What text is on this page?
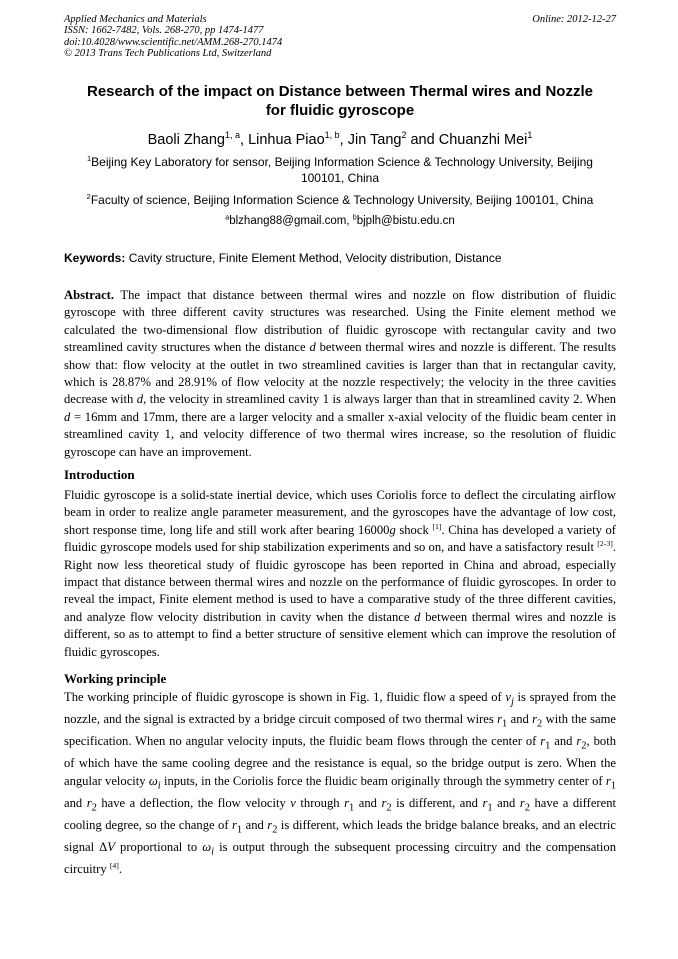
Applied Mechanics and Materials
ISSN: 1662-7482, Vols. 268-270, pp 1474-1477
doi:10.4028/www.scientific.net/AMM.268-270.1474
© 2013 Trans Tech Publications Ltd, Switzerland
Online: 2012-12-27
Research of the impact on Distance between Thermal wires and Nozzle
for fluidic gyroscope
Baoli Zhang$^{1, a}$, Linhua Piao$^{1, b}$, Jin Tang$^2$ and Chuanzhi Mei$^1$
$^1$Beijing Key Laboratory for sensor, Beijing Information Science & Technology University, Beijing 100101, China
$^2$Faculty of science, Beijing Information Science & Technology University, Beijing 100101, China
$^a$blzhang88@gmail.com, $^b$bjplh@bistu.edu.cn
Keywords: Cavity structure, Finite Element Method, Velocity distribution, Distance
Abstract. The impact that distance between thermal wires and nozzle on flow distribution of fluidic gyroscope with three different cavity structures was researched. Using the Finite element method we calculated the two-dimensional flow distribution of fluidic gyroscope with rectangular cavity and two streamlined cavity structures when the distance d between thermal wires and nozzle is different. The results show that: flow velocity at the outlet in two streamlined cavities is larger than that in rectangular cavity, which is 28.87% and 28.91% of flow velocity at the nozzle respectively; the velocity in the three cavities decrease with d, the velocity in streamlined cavity 1 is always larger than that in streamlined cavity 2. When d = 16mm and 17mm, there are a larger velocity and a smaller x-axial velocity of the fluidic beam center in streamlined cavity 1, and velocity difference of two thermal wires increase, so the resolution of fluidic gyroscope can have an improvement.
Introduction
Fluidic gyroscope is a solid-state inertial device, which uses Coriolis force to deflect the circulating airflow beam in order to realize angle parameter measurement, and the gyroscopes have the advantage of low cost, short response time, long life and still work after bearing 16000g shock [1]. China has developed a variety of fluidic gyroscope models used for ship stabilization experiments and so on, and have a satisfactory result [2-3]. Right now less theoretical study of fluidic gyroscope has been reported in China and abroad, especially impact that distance between thermal wires and nozzle on the performance of fluidic gyroscopes. In order to reveal the impact, Finite element method is used to have a comparative study of the three different cavities, and analyze flow velocity distribution in cavity when the distance d between thermal wires and nozzle is different, so as to attempt to find a better structure of sensitive element which can improve the resolution of fluidic gyroscopes.
Working principle
The working principle of fluidic gyroscope is shown in Fig. 1, fluidic flow a speed of $\nu_j$ is sprayed from the nozzle, and the signal is extracted by a bridge circuit composed of two thermal wires $r_1$ and $r_2$ with the same specification. When no angular velocity inputs, the fluidic beam flows through the center of $r_1$ and $r_2$, both of which have the same cooling degree and the resistance is equal, so the bridge output is zero. When the angular velocity $\omega_i$ inputs, in the Coriolis force the fluidic beam originally through the symmetry center of $r_1$ and $r_2$ have a deflection, the flow velocity ν through $r_1$ and $r_2$ is different, and $r_1$ and $r_2$ have a different cooling degree, so the change of $r_1$ and $r_2$ is different, which leads the bridge balance breaks, and an electric signal ΔV proportional to $\omega_i$ is output through the subsequent processing circuitry and the compensation circuitry [4].
